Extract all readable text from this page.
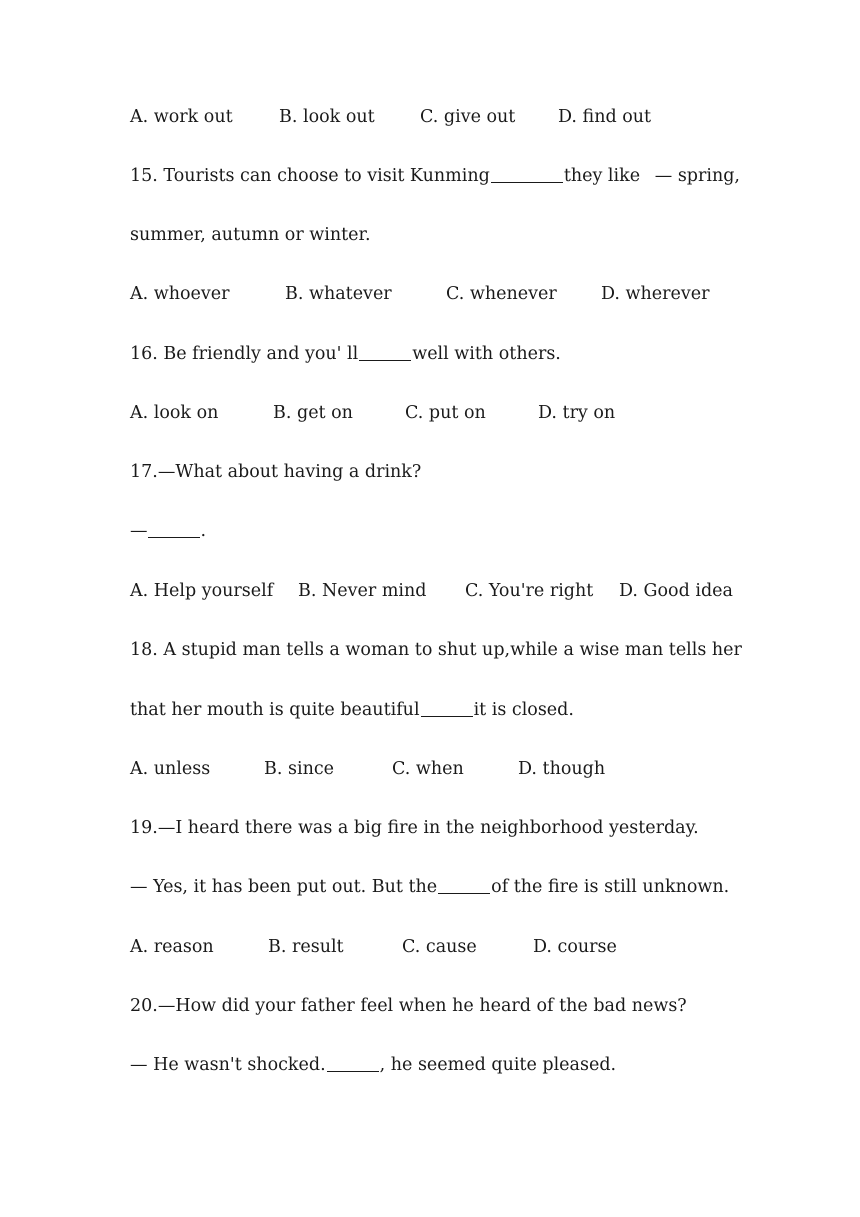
A. work out	B. look out	C. give out D. find out
15. Tourists can choose to visit Kunming	they like — spring,
summer, autumn or winter.
A. whoever	B. whatever	C. whenever	D. wherever
16. Be friendly and you' ll	well with others.
A. look on	B. get on	C. put on	D. try on
17.—What about having a drink?
—	.
A. Help yourself B. Never mind C. You're right D. Good idea
18. A stupid man tells a woman to shut up,while a wise man tells her
that her mouth is quite beautiful	it is closed.
A. unless	B. since	C. when	D. though
19.—I heard there was a big fire in the neighborhood yesterday.
— Yes, it has been put out. But the	of the fire is still unknown.
A. reason	B. result	C. cause	D. course
20.—How did your father feel when he heard of the bad news?
— He wasn't shocked.	, he seemed quite pleased.
